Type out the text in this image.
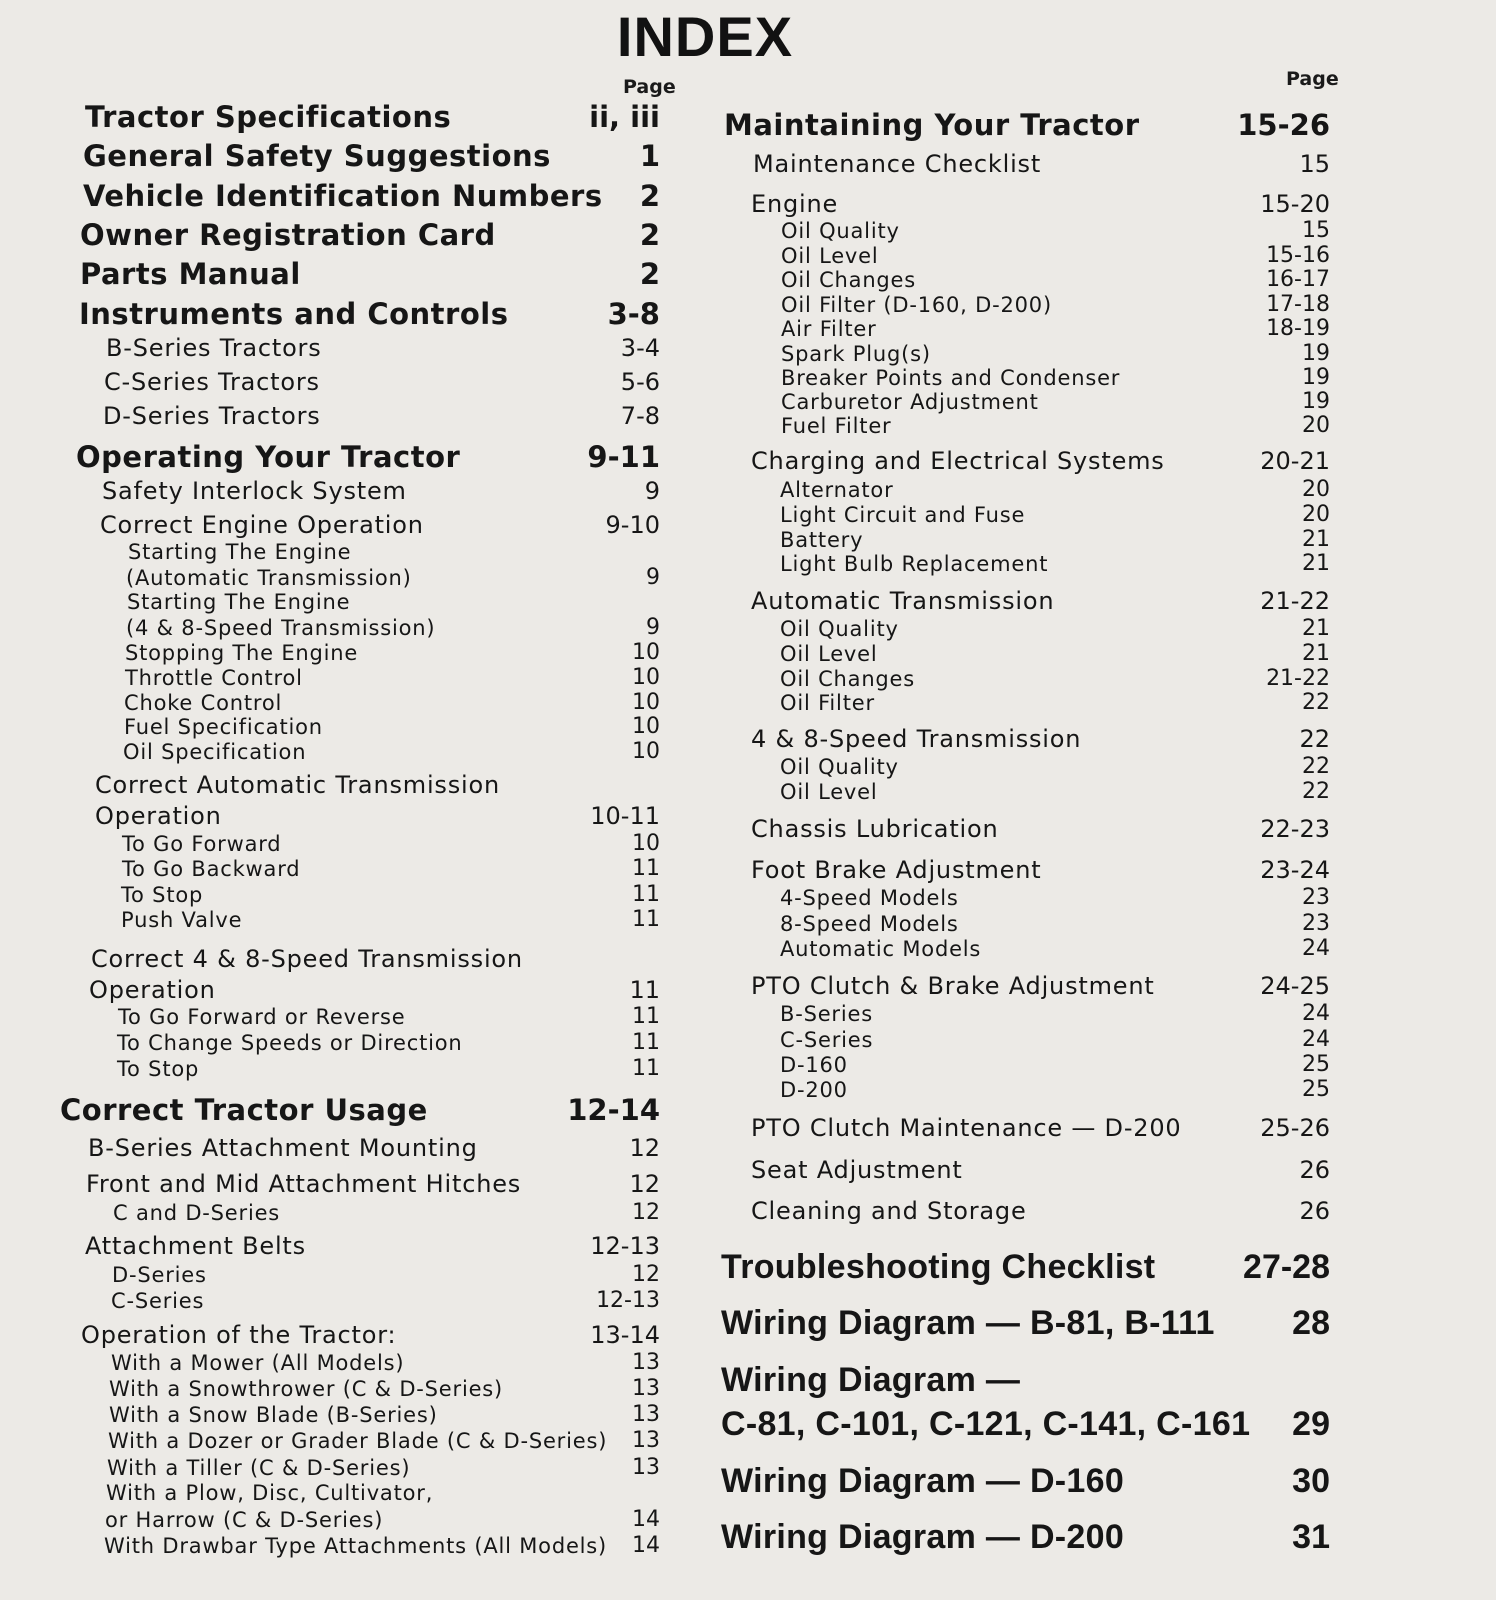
INDEX
Page	Page
Tractor Specifications	ii, iii
General Safety Suggestions	1
Vehicle Identification Numbers 2
Owner Registration Card	2
Parts Manual	2
Instruments and Controls	3-8
B-Series Tractors	3-4
C-Series Tractors	5-6
D-Series Tractors	7-8
Operating Your Tractor	9-11
Safety Interlock System	9
Correct Engine Operation	9-10
Starting The Engine
(Automatic Transmission)	9
Starting The Engine
(4 & 8-Speed Transmission)	9
Stopping The Engine	10
Throttle Control	10
Choke Control	10
Fuel Specification	10
Oil Specification	10
Correct Automatic Transmission
Operation	10-11
To Go Forward	10
To Go Backward	11
To Stop	11
Push Valve	11
Correct 4 & 8-Speed Transmission
Operation	11
To Go Forward or Reverse	11
To Change Speeds or Direction	11
To Stop	11
Correct Tractor Usage	12-14
B-Series Attachment Mounting	12
Front and Mid Attachment Hitches	12
C and D-Series	12
Attachment Belts	12-13
D-Series	12
C-Series	12-13
Operation of the Tractor:	13-14
With a Mower (All Models)	13
With a Snowthrower (C & D-Series)	13
With a Snow Blade (B-Series)	13
With a Dozer or Grader Blade (C & D-Series) 13
With a Tiller (C & D-Series)	13
With a Plow, Disc, Cultivator,
or Harrow (C & D-Series)	14
With Drawbar Type Attachments (All Models) 14
Maintaining Your Tractor	15-26
Maintenance Checklist	15
Engine	15-20
Oil Quality	15
Oil Level	15-16
Oil Changes	16-17
Oil Filter (D-160, D-200)	17-18
Air Filter	18-19
Spark Plug(s)	19
Breaker Points and Condenser	19
Carburetor Adjustment	19
Fuel Filter	20
Charging and Electrical Systems	20-21
Alternator	20
Light Circuit and Fuse	20
Battery	21
Light Bulb Replacement	21
Automatic Transmission	21-22
Oil Quality	21
Oil Level	21
Oil Changes	21-22
Oil Filter	22
4 & 8-Speed Transmission	22
Oil Quality	22
Oil Level	22
Chassis Lubrication	22-23
Foot Brake Adjustment	23-24
4-Speed Models	23
8-Speed Models	23
Automatic Models	24
PTO Clutch & Brake Adjustment	24-25
B-Series	24
C-Series	24
D-160	25
D-200	25
PTO Clutch Maintenance — D-200	25-26
Seat Adjustment	26
Cleaning and Storage	26
Troubleshooting Checklist	27-28
Wiring Diagram — B-81, B-111 28
Wiring Diagram —
C-81, C-101, C-121, C-141, C-161 29
Wiring Diagram — D-160	30
Wiring Diagram — D-200	31
